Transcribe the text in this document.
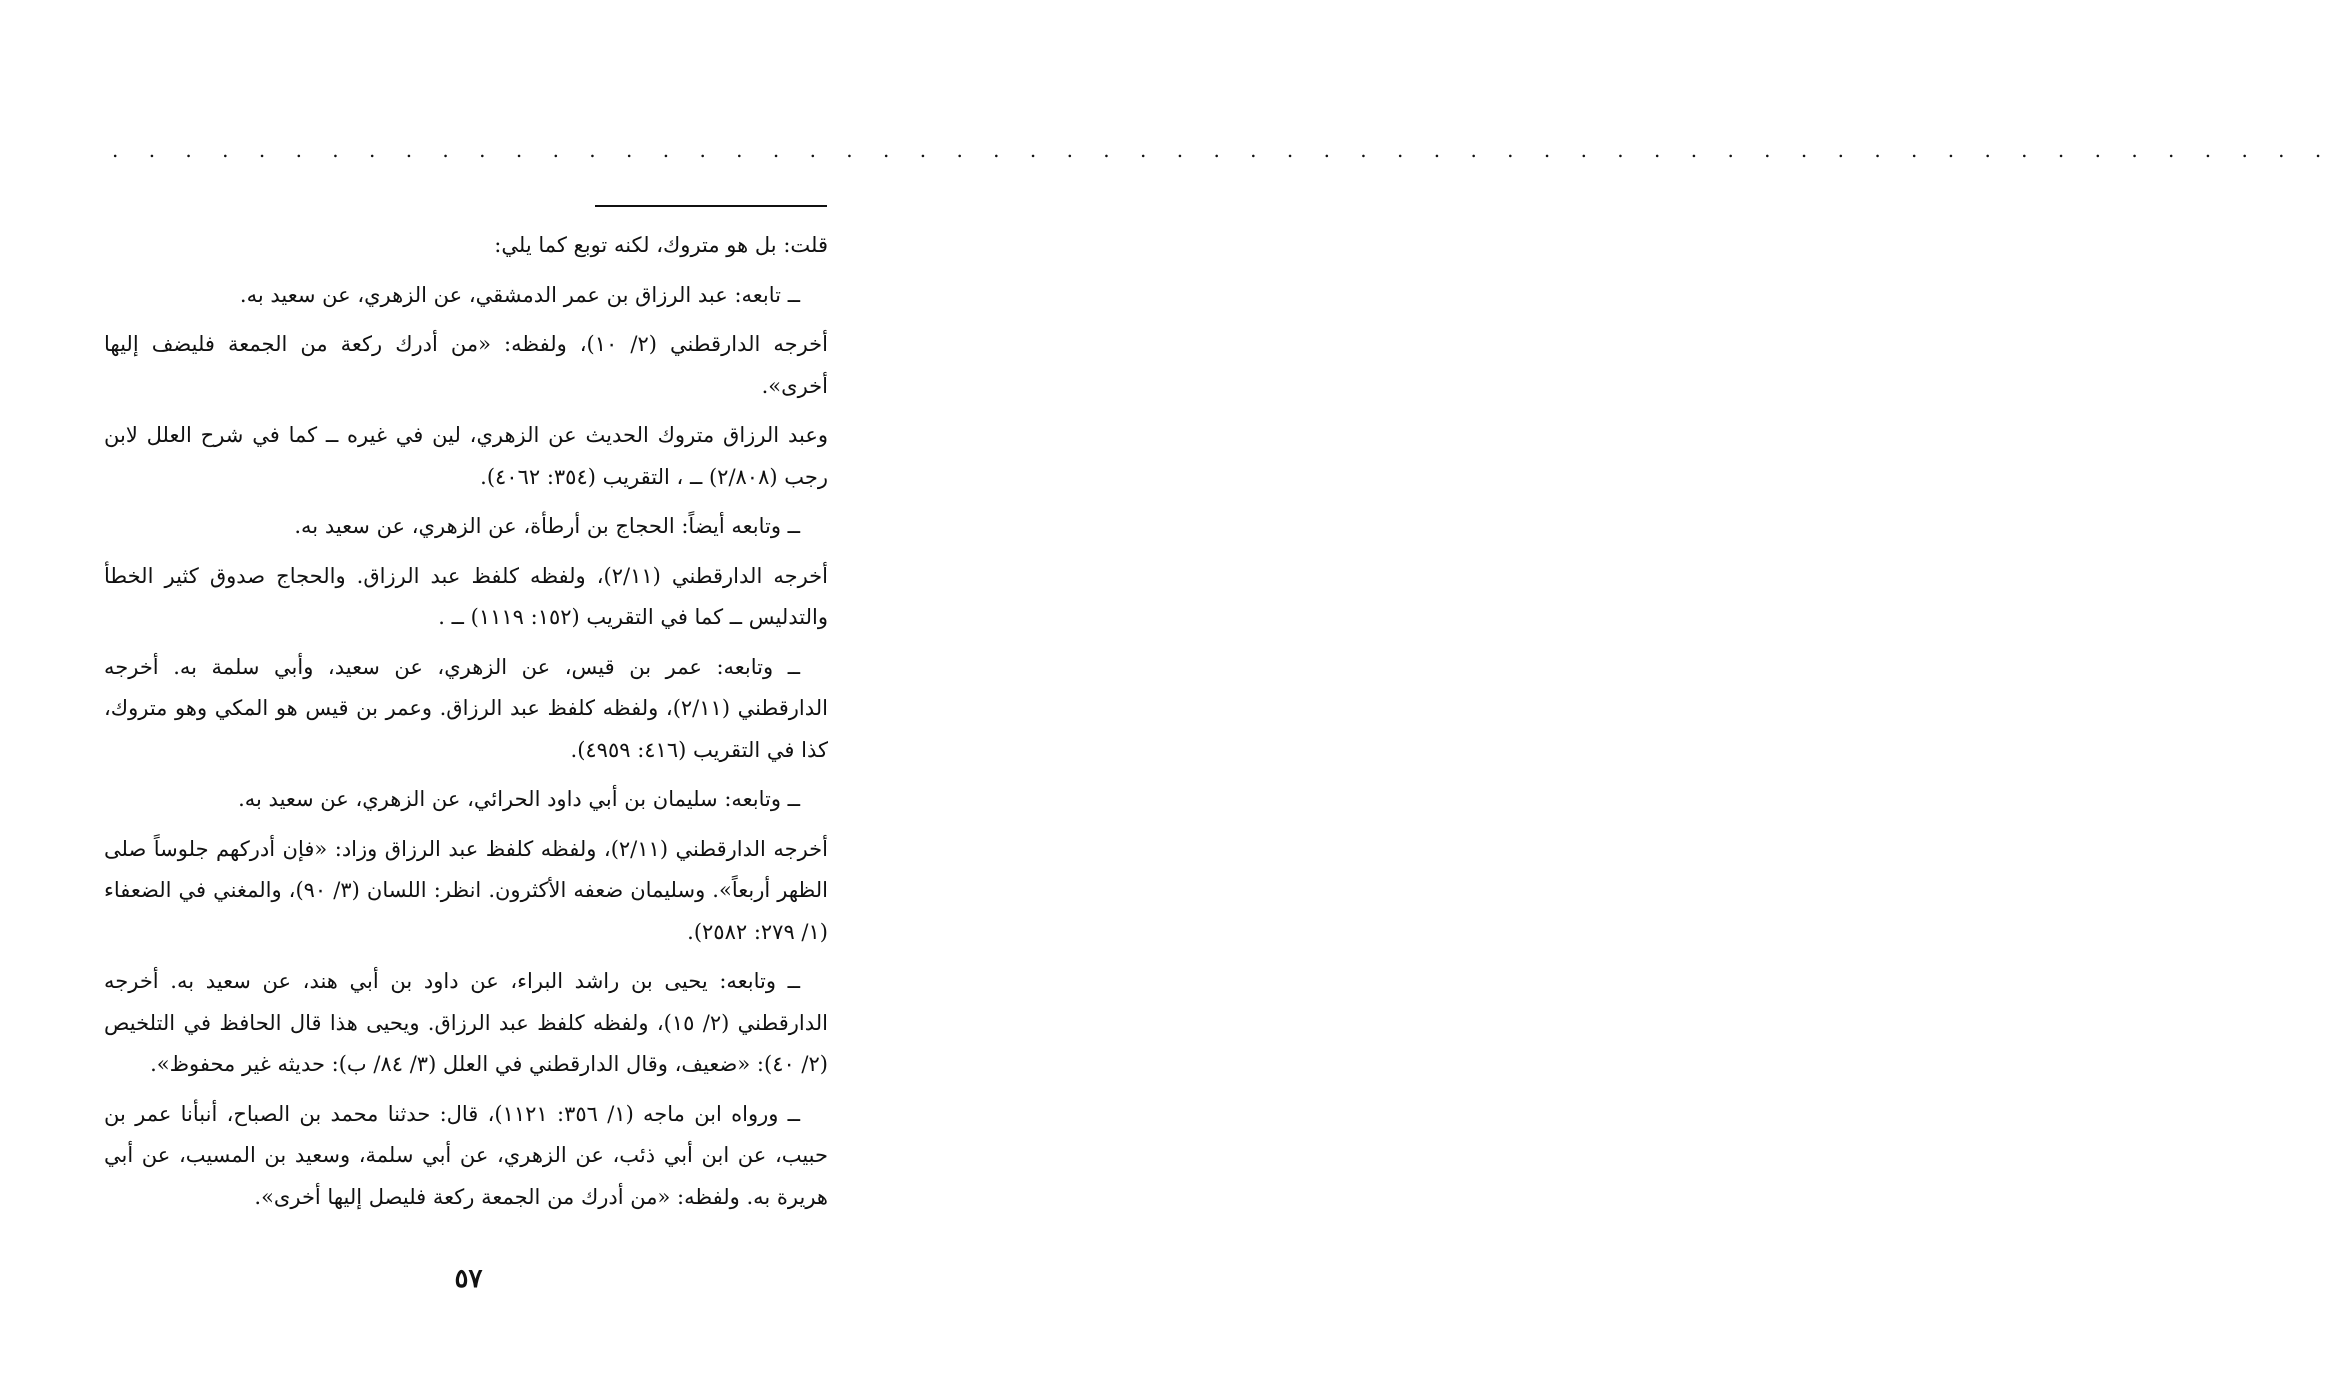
. . . . . . . . . . . . . . . . . . . . . . . . . . . . . . . . . . . . . . . . . . . . . . . . . . . . . . . . . . . . .

قلت: بل هو متروك، لكنه توبع كما يلي:

ــ تابعه: عبد الرزاق بن عمر الدمشقي، عن الزهري، عن سعيد به.

أخرجه الدارقطني (٢/ ١٠)، ولفظه: «من أدرك ركعة من الجمعة فليضف إليها أخرى».

وعبد الرزاق متروك الحديث عن الزهري، لين في غيره ــ كما في شرح العلل لابن رجب (٢/٨٠٨) ــ ، التقريب (٣٥٤: ٤٠٦٢).

ــ وتابعه أيضاً: الحجاج بن أرطأة، عن الزهري، عن سعيد به.

أخرجه الدارقطني (٢/١١)، ولفظه كلفظ عبد الرزاق. والحجاج صدوق كثير الخطأ والتدليس ــ كما في التقريب (١٥٢: ١١١٩) ــ .

ــ وتابعه: عمر بن قيس، عن الزهري، عن سعيد، وأبي سلمة به. أخرجه الدارقطني (٢/١١)، ولفظه كلفظ عبد الرزاق. وعمر بن قيس هو المكي وهو متروك، كذا في التقريب (٤١٦: ٤٩٥٩).

ــ وتابعه: سليمان بن أبي داود الحرائي، عن الزهري، عن سعيد به.

أخرجه الدارقطني (٢/١١)، ولفظه كلفظ عبد الرزاق وزاد: «فإن أدركهم جلوساً صلى الظهر أربعاً». وسليمان ضعفه الأكثرون. انظر: اللسان (٣/ ٩٠)، والمغني في الضعفاء (١/ ٢٧٩: ٢٥٨٢).

ــ وتابعه: يحيى بن راشد البراء، عن داود بن أبي هند، عن سعيد به. أخرجه الدارقطني (٢/ ١٥)، ولفظه كلفظ عبد الرزاق. ويحيى هذا قال الحافظ في التلخيص (٢/ ٤٠): «ضعيف، وقال الدارقطني في العلل (٣/ ٨٤/ ب): حديثه غير محفوظ».

ــ ورواه ابن ماجه (١/ ٣٥٦: ١١٢١)، قال: حدثنا محمد بن الصباح، أنبأنا عمر بن حبيب، عن ابن أبي ذئب، عن الزهري، عن أبي سلمة، وسعيد بن المسيب، عن أبي هريرة به. ولفظه: «من أدرك من الجمعة ركعة فليصل إليها أخرى».

٥٧
